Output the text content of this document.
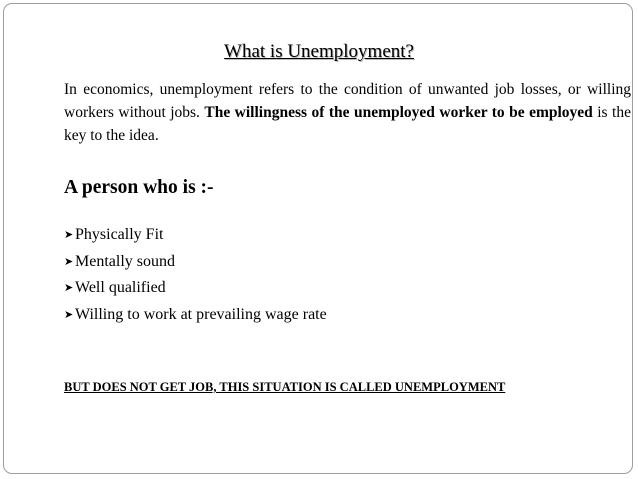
What is Unemployment?
In economics, unemployment refers to the condition of unwanted job losses, or willing workers without jobs. The willingness of the unemployed worker to be employed is the key to the idea.
A person who is :-
➤ Physically Fit
➤ Mentally sound
➤ Well qualified
➤ Willing to work at prevailing wage rate
BUT DOES NOT GET JOB, THIS SITUATION IS CALLED UNEMPLOYMENT
